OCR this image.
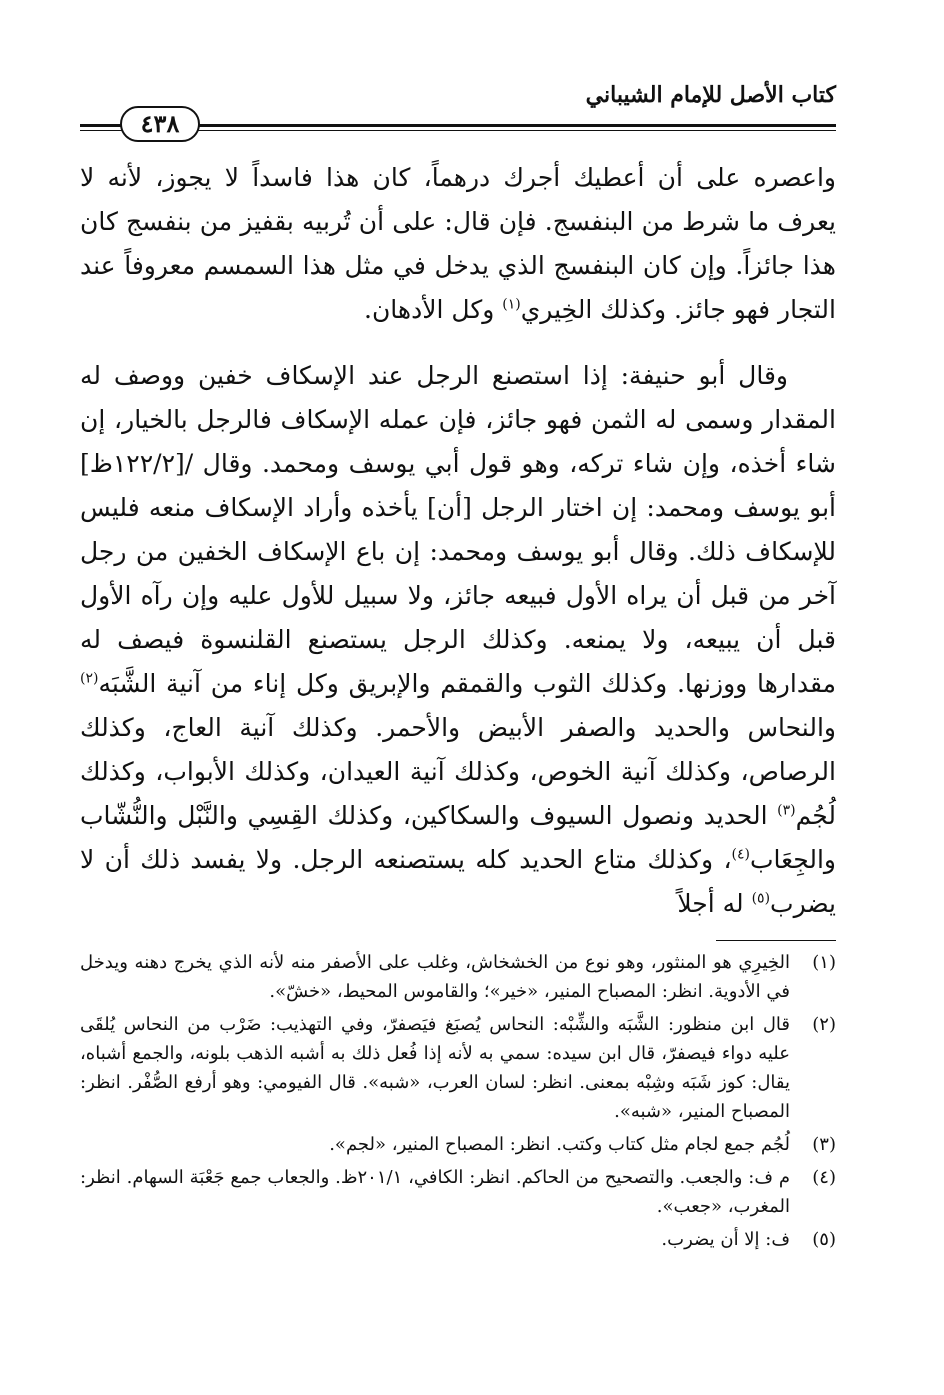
كتاب الأصل للإمام الشيباني
٤٣٨

واعصره على أن أعطيك أجرك درهماً، كان هذا فاسداً لا يجوز، لأنه لا يعرف ما شرط من البنفسج. فإن قال: على أن تُربيه بقفيز من بنفسج كان هذا جائزاً. وإن كان البنفسج الذي يدخل في مثل هذا السمسم معروفاً عند التجار فهو جائز. وكذلك الخِيري$^{(١)}$ وكل الأدهان.

وقال أبو حنيفة: إذا استصنع الرجل عند الإسكاف خفين ووصف له المقدار وسمى له الثمن فهو جائز، فإن عمله الإسكاف فالرجل بالخيار، إن شاء أخذه، وإن شاء تركه، وهو قول أبي يوسف ومحمد. وقال /[١٢٢/٢ظ] أبو يوسف ومحمد: إن اختار الرجل [أن] يأخذه وأراد الإسكاف منعه فليس للإسكاف ذلك. وقال أبو يوسف ومحمد: إن باع الإسكاف الخفين من رجل آخر من قبل أن يراه الأول فبيعه جائز، ولا سبيل للأول عليه وإن رآه الأول قبل أن يبيعه، ولا يمنعه. وكذلك الرجل يستصنع القلنسوة فيصف له مقدارها ووزنها. وكذلك الثوب والقمقم والإبريق وكل إناء من آنية الشَّبَه$^{(٢)}$ والنحاس والحديد والصفر الأبيض والأحمر. وكذلك آنية العاج، وكذلك الرصاص، وكذلك آنية الخوص، وكذلك آنية العيدان، وكذلك الأبواب، وكذلك لُجُم$^{(٣)}$ الحديد ونصول السيوف والسكاكين، وكذلك القِسِي والنَّبْل والنُّشّاب والجِعَاب$^{(٤)}$، وكذلك متاع الحديد كله يستصنعه الرجل. ولا يفسد ذلك أن لا يضرب$^{(٥)}$ له أجلاً

(١)
الخِيرِي هو المنثور، وهو نوع من الخشخاش، وغلب على الأصفر منه لأنه الذي يخرج دهنه ويدخل في الأدوية. انظر: المصباح المنير، «خير»؛ والقاموس المحيط، «خشّ».
(٢)
قال ابن منظور: الشَّبَه والشِّبْه: النحاس يُصبَغ فيَصفرّ، وفي التهذيب: ضَرْب من النحاس يُلقَى عليه دواء فيصفرّ، قال ابن سيده: سمي به لأنه إذا فُعل ذلك به أشبه الذهب بلونه، والجمع أشباه، يقال: كوز شَبَه وشِبْه بمعنى. انظر: لسان العرب، «شبه». قال الفيومي: وهو أرفع الصُّفْر. انظر: المصباح المنير، «شبه».
(٣)
لُجُم جمع لجام مثل كتاب وكتب. انظر: المصباح المنير، «لجم».
(٤)
م ف: والجعب. والتصحيح من الحاكم. انظر: الكافي، ٢٠١/١ظ. والجعاب جمع جَعْبَة السهام. انظر: المغرب، «جعب».
(٥)
ف: إلا أن يضرب.
